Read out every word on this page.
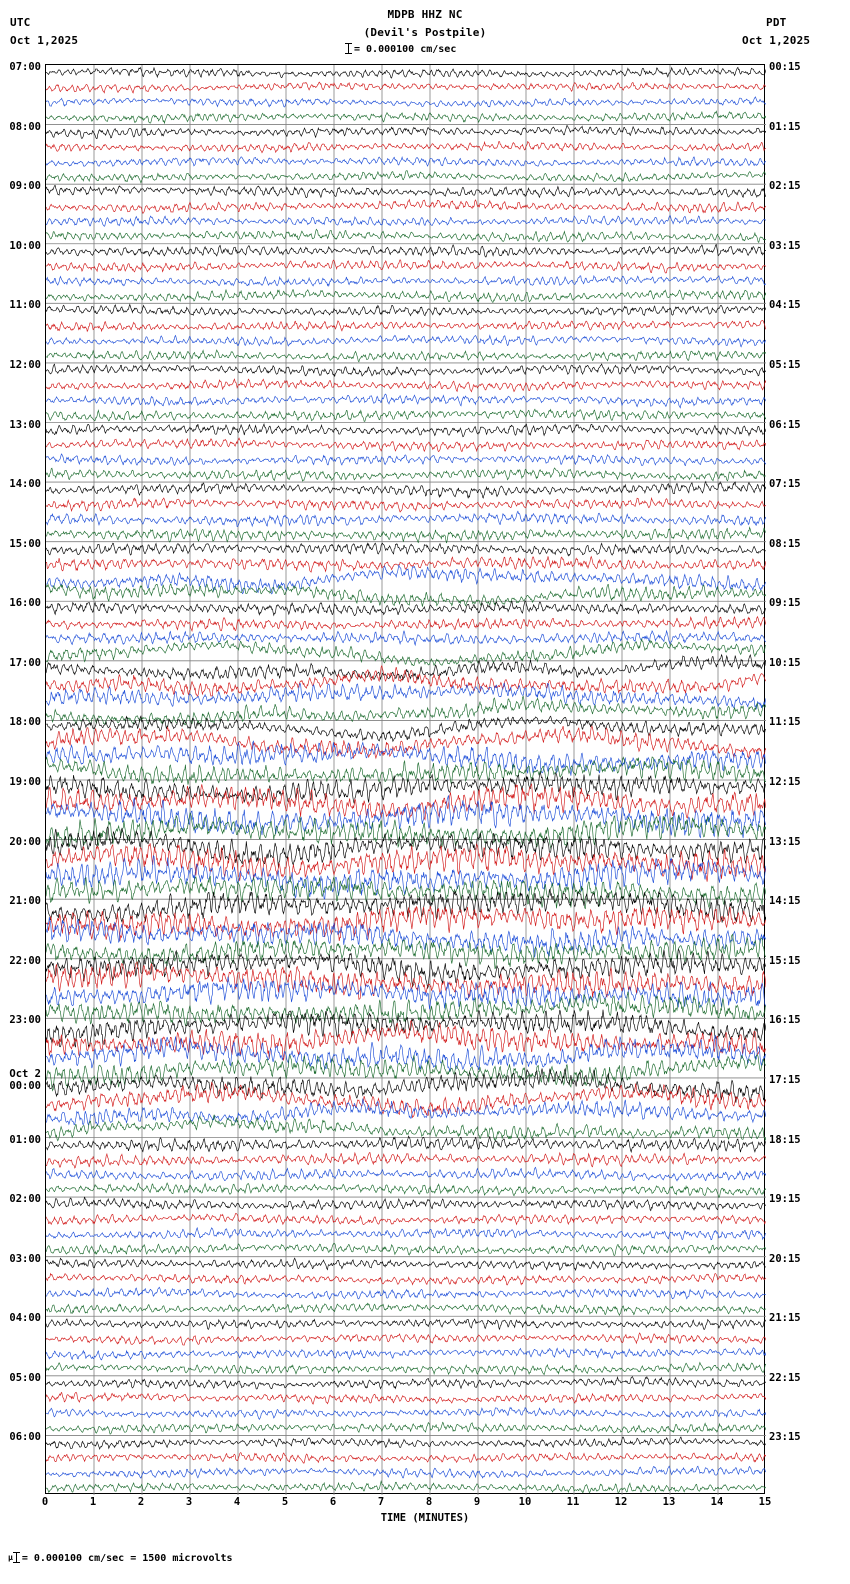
UTC
Oct 1,2025
PDT
Oct 1,2025
MDPB HHZ NC
(Devil's Postpile)
= 0.000100 cm/sec
0	1	2	3	4	5	6	7	8	9	10	11	12	13	14	15
TIME (MINUTES)
μ = 0.000100 cm/sec = 1500 microvolts
07:00
08:00
09:00
10:00
11:00
12:00
13:00
14:00
15:00
16:00
17:00
18:00
19:00
20:00
21:00
22:00
23:00
Oct 2
00:00
01:00
02:00
03:00
04:00
05:00
06:00
00:15
01:15
02:15
03:15
04:15
05:15
06:15
07:15
08:15
09:15
10:15
11:15
12:15
13:15
14:15
15:15
16:15
17:15
18:15
19:15
20:15
21:15
22:15
23:15
